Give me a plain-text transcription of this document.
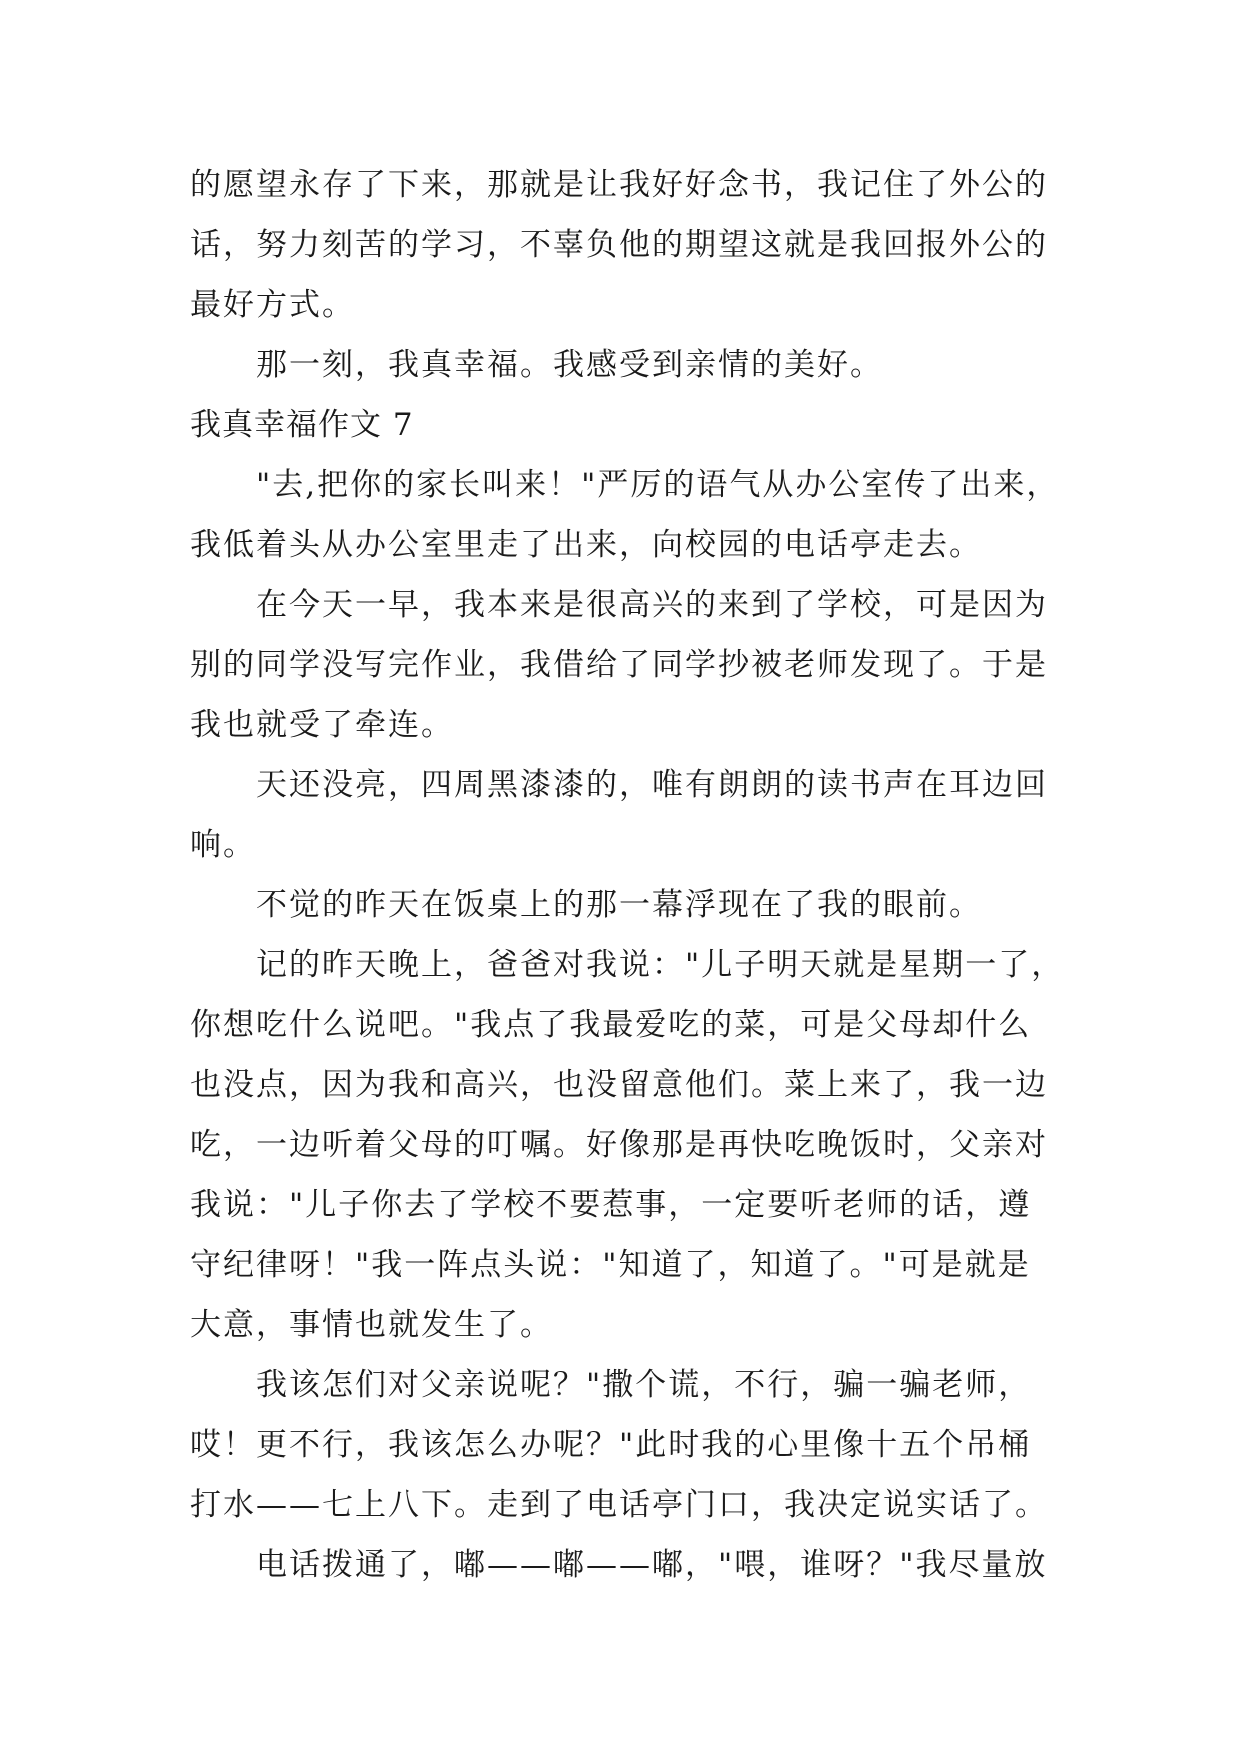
的愿望永存了下来，那就是让我好好念书，我记住了外公的
话，努力刻苦的学习，不辜负他的期望这就是我回报外公的
最好方式。
那一刻，我真幸福。我感受到亲情的美好。
我真幸福作文 7
"去,把你的家长叫来！"严厉的语气从办公室传了出来，
我低着头从办公室里走了出来，向校园的电话亭走去。
在今天一早，我本来是很高兴的来到了学校，可是因为
别的同学没写完作业，我借给了同学抄被老师发现了。于是
我也就受了牵连。
天还没亮，四周黑漆漆的，唯有朗朗的读书声在耳边回
响。
不觉的昨天在饭桌上的那一幕浮现在了我的眼前。
记的昨天晚上，爸爸对我说："儿子明天就是星期一了，
你想吃什么说吧。"我点了我最爱吃的菜，可是父母却什么
也没点，因为我和高兴，也没留意他们。菜上来了，我一边
吃，一边听着父母的叮嘱。好像那是再快吃晚饭时，父亲对
我说："儿子你去了学校不要惹事，一定要听老师的话，遵
守纪律呀！"我一阵点头说："知道了，知道了。"可是就是
大意，事情也就发生了。
我该怎们对父亲说呢？"撒个谎，不行，骗一骗老师，
哎！更不行，我该怎么办呢？"此时我的心里像十五个吊桶
打水——七上八下。走到了电话亭门口，我决定说实话了。
电话拨通了，嘟——嘟——嘟，"喂，谁呀？"我尽量放
